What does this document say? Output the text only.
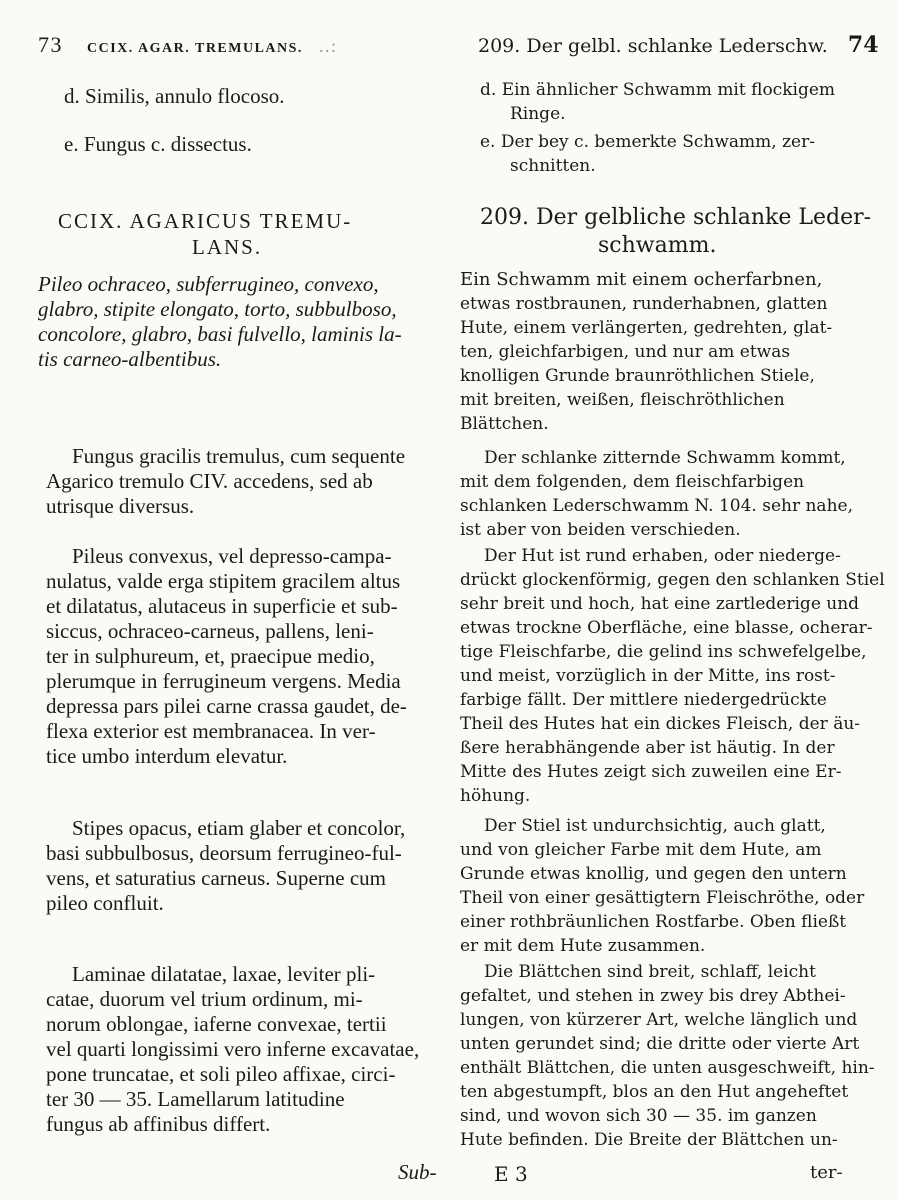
73 CCIX. AGAR. TREMULANS. ..:
d. Similis, annulo flocoso.
e. Fungus c. dissectus.
CCIX. AGARICUS TREMU-
LANS.
Pileo ochraceo, subferrugineo, convexo,
glabro, stipite elongato, torto, subbulboso,
concolore, glabro, basi fulvello, laminis la-
tis carneo-albentibus.
Fungus gracilis tremulus, cum sequente
Agarico tremulo CIV. accedens, sed ab
utrisque diversus.
Pileus convexus, vel depresso-campa-
nulatus, valde erga stipitem gracilem altus
et dilatatus, alutaceus in superficie et sub-
siccus, ochraceo-carneus, pallens, leni-
ter in sulphureum, et, praecipue medio,
plerumque in ferrugineum vergens. Media
depressa pars pilei carne crassa gaudet, de-
flexa exterior est membranacea. In ver-
tice umbo interdum elevatur.
Stipes opacus, etiam glaber et concolor,
basi subbulbosus, deorsum ferrugineo-ful-
vens, et saturatius carneus. Superne cum
pileo confluit.
Laminae dilatatae, laxae, leviter pli-
catae, duorum vel trium ordinum, mi-
norum oblongae, iaferne convexae, tertii
vel quarti longissimi vero inferne excavatae,
pone truncatae, et soli pileo affixae, circi-
ter 30 — 35. Lamellarum latitudine
fungus ab affinibus differt.
Sub-
209. Der gelbl. schlanke Lederschw. 74
d. Ein ähnlicher Schwamm mit flockigem
Ringe.
e. Der bey c. bemerkte Schwamm, zer-
schnitten.
209. Der gelbliche schlanke Leder-
schwamm.
Ein Schwamm mit einem ocherfarbnen,
etwas rostbraunen, runderhabnen, glatten
Hute, einem verlängerten, gedrehten, glat-
ten, gleichfarbigen, und nur am etwas
knolligen Grunde braunröthlichen Stiele,
mit breiten, weißen, fleischröthlichen
Blättchen.
Der schlanke zitternde Schwamm kommt,
mit dem folgenden, dem fleischfarbigen
schlanken Lederschwamm N. 104. sehr nahe,
ist aber von beiden verschieden.
Der Hut ist rund erhaben, oder niederge-
drückt glockenförmig, gegen den schlanken Stiel
sehr breit und hoch, hat eine zartlederige und
etwas trockne Oberfläche, eine blasse, ocherar-
tige Fleischfarbe, die gelind ins schwefelgelbe,
und meist, vorzüglich in der Mitte, ins rost-
farbige fällt. Der mittlere niedergedrückte
Theil des Hutes hat ein dickes Fleisch, der äu-
ßere herabhängende aber ist häutig. In der
Mitte des Hutes zeigt sich zuweilen eine Er-
höhung.
Der Stiel ist undurchsichtig, auch glatt,
und von gleicher Farbe mit dem Hute, am
Grunde etwas knollig, und gegen den untern
Theil von einer gesättigtern Fleischröthe, oder
einer rothbräunlichen Rostfarbe. Oben fließt
er mit dem Hute zusammen.
Die Blättchen sind breit, schlaff, leicht
gefaltet, und stehen in zwey bis drey Abthei-
lungen, von kürzerer Art, welche länglich und
unten gerundet sind; die dritte oder vierte Art
enthält Blättchen, die unten ausgeschweift, hin-
ten abgestumpft, blos an den Hut angeheftet
sind, und wovon sich 30 — 35. im ganzen
Hute befinden. Die Breite der Blättchen un-
E 3	ter-
